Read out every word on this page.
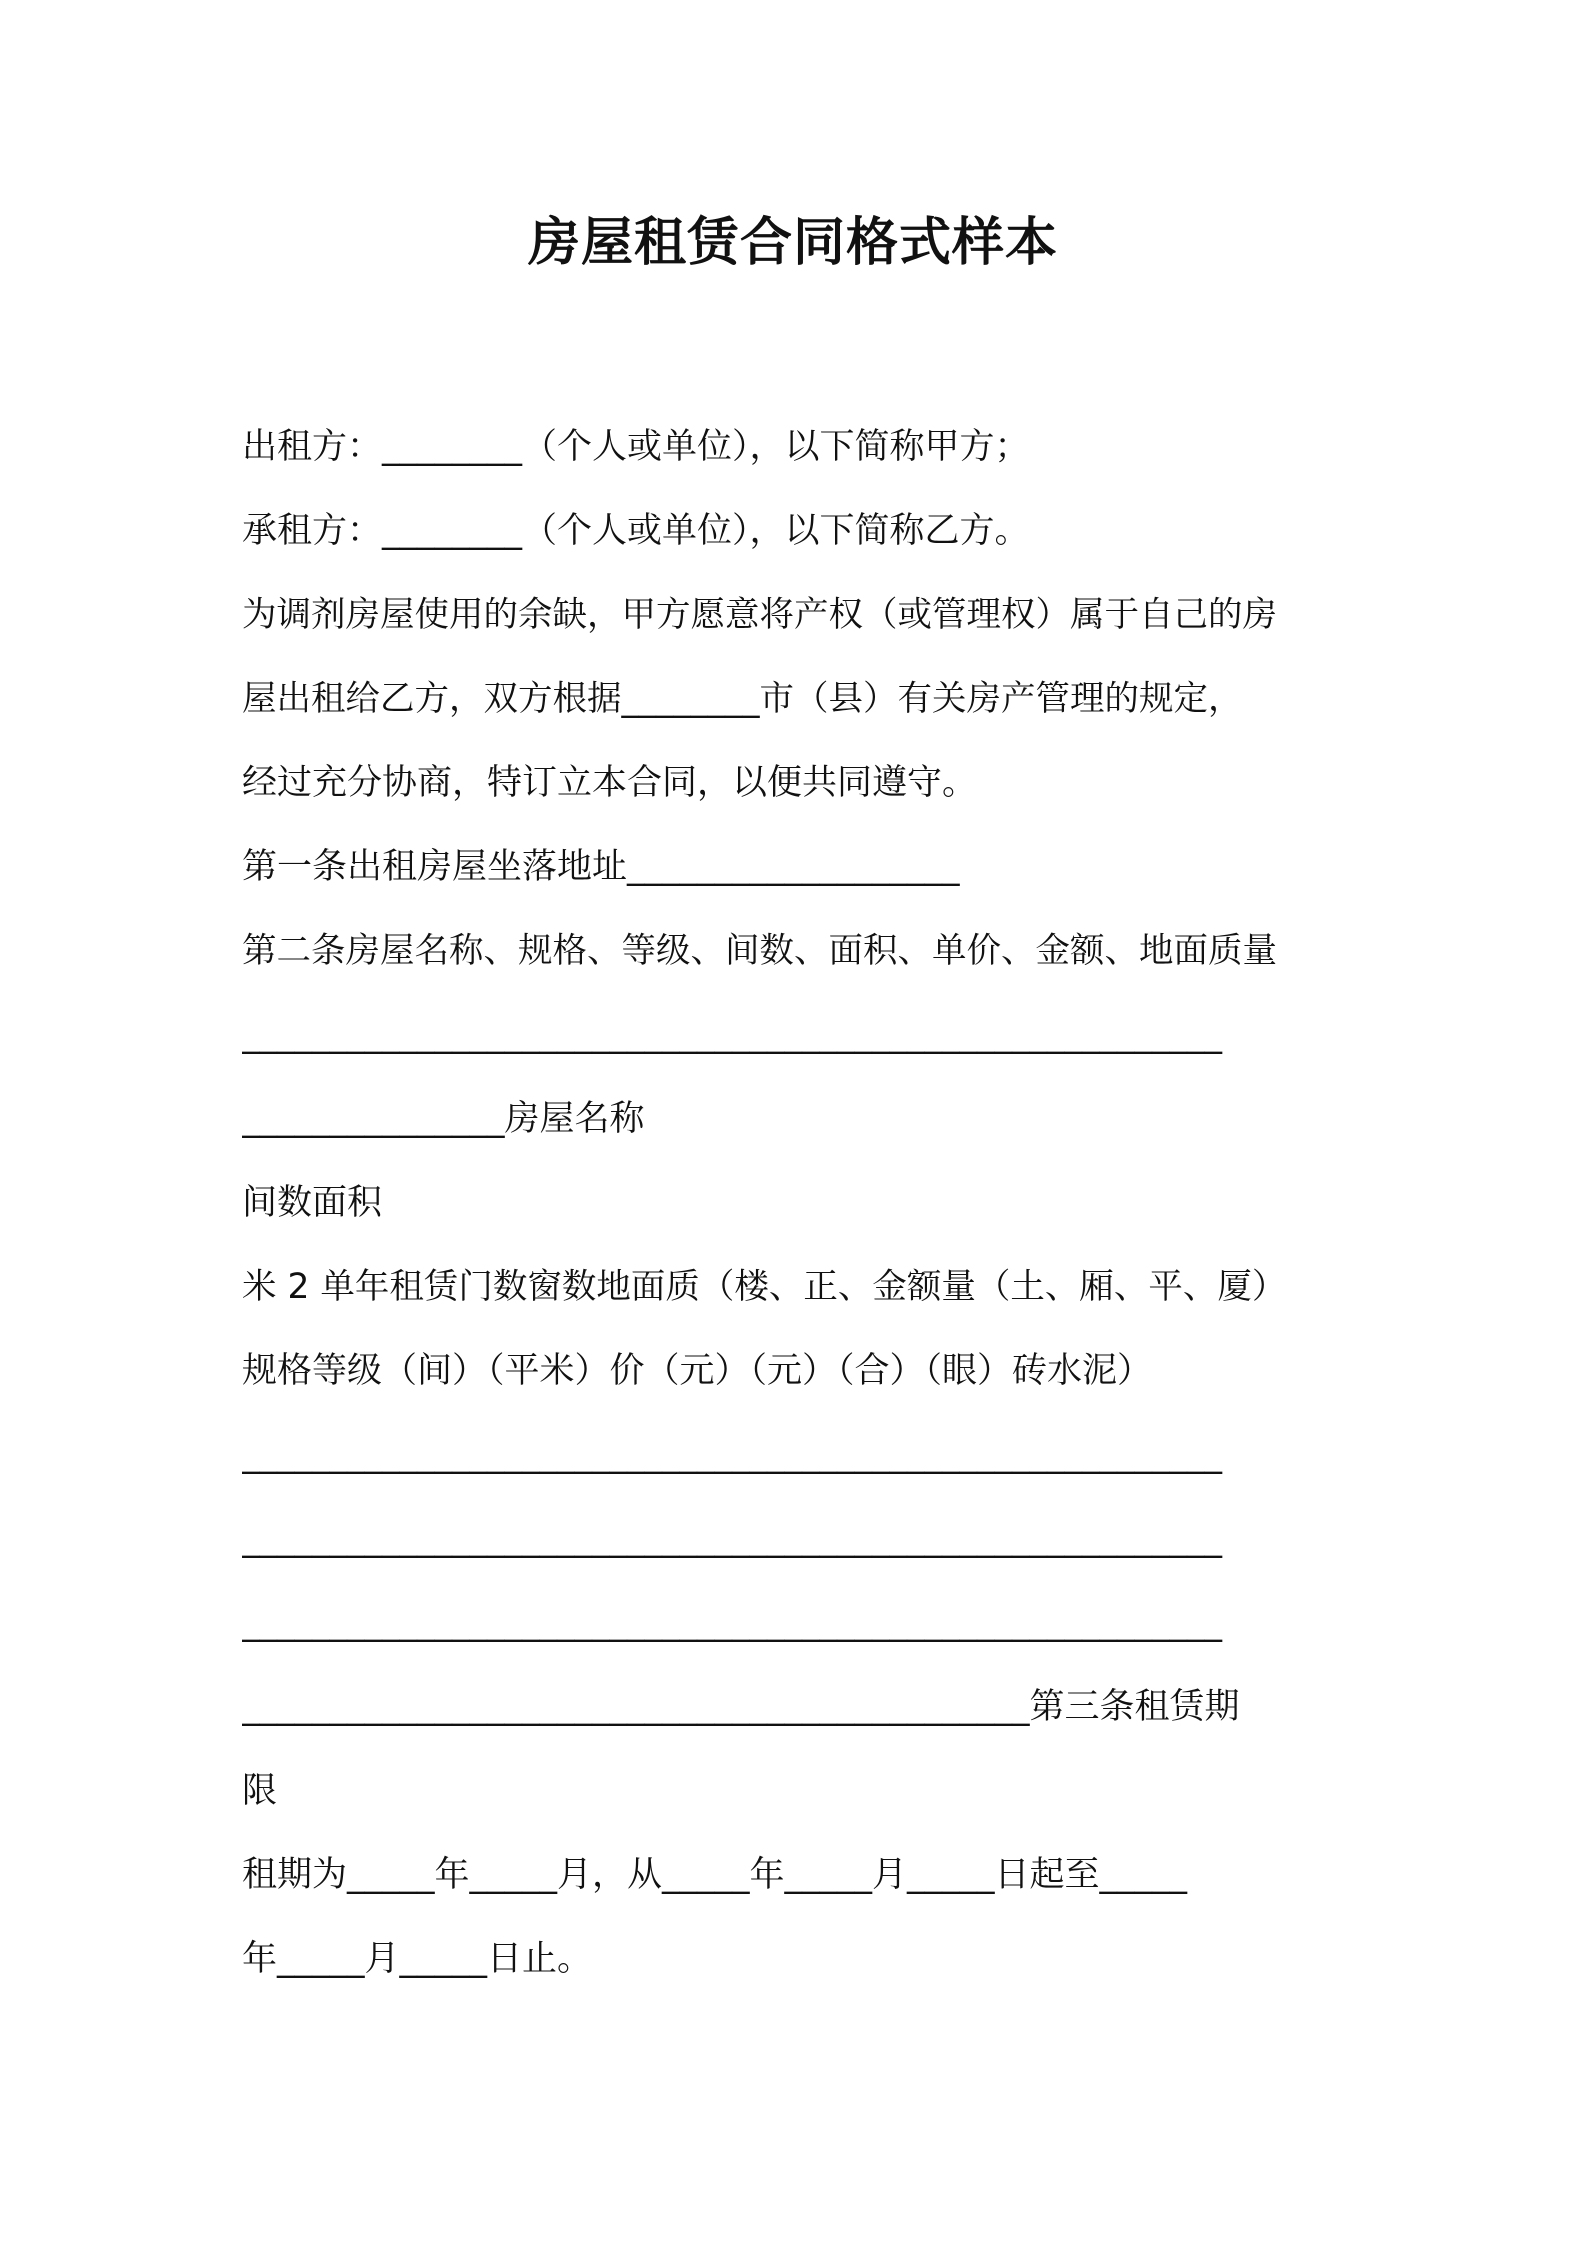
房屋租赁合同格式样本
出租方：________（个人或单位），以下简称甲方；
承租方：________（个人或单位），以下简称乙方。
为调剂房屋使用的余缺，甲方愿意将产权（或管理权）属于自己的房
屋出租给乙方，双方根据________市（县）有关房产管理的规定，
经过充分协商，特订立本合同，以便共同遵守。
第一条出租房屋坐落地址___________________
第二条房屋名称、规格、等级、间数、面积、单价、金额、地面质量
________________________________________________________
_______________房屋名称
间数面积
米 2 单年租赁门数窗数地面质（楼、正、金额量（土、厢、平、厦）
规格等级（间）（平米）价（元）（元）（合）（眼）砖水泥）
________________________________________________________
________________________________________________________
________________________________________________________
_____________________________________________第三条租赁期
限
租期为_____年_____月，从_____年_____月_____日起至_____
年_____月_____日止。
